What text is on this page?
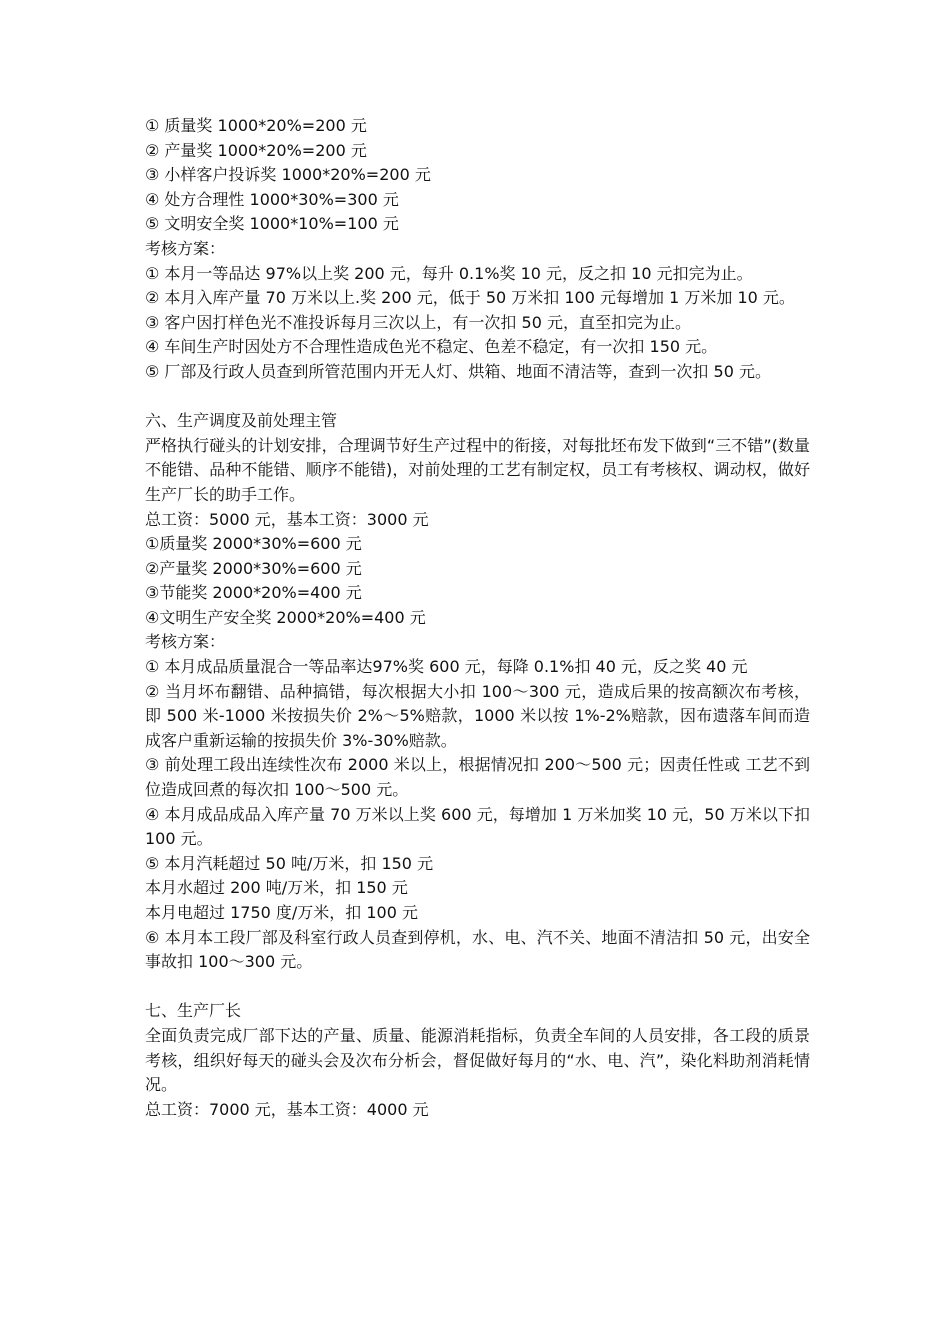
① 质量奖 1000*20%=200 元
② 产量奖 1000*20%=200 元
③ 小样客户投诉奖 1000*20%=200 元
④ 处方合理性 1000*30%=300 元
⑤ 文明安全奖 1000*10%=100 元
考核方案：
① 本月一等品达 97%以上奖 200 元，每升 0.1%奖 10 元，反之扣 10 元扣完为止。
② 本月入库产量 70 万米以上.奖 200 元，低于 50 万米扣 100 元每增加 1 万米加 10 元。
③ 客户因打样色光不准投诉每月三次以上，有一次扣 50 元，直至扣完为止。
④ 车间生产时因处方不合理性造成色光不稳定、色差不稳定，有一次扣 150 元。
⑤ 厂部及行政人员查到所管范围内开无人灯、烘箱、地面不清洁等，查到一次扣 50 元。
六、生产调度及前处理主管
严格执行碰头的计划安排，合理调节好生产过程中的衔接，对每批坯布发下做到“三不错”(数量不能错、品种不能错、顺序不能错)，对前处理的工艺有制定权，员工有考核权、调动权，做好生产厂长的助手工作。
总工资：5000 元，基本工资：3000 元
①质量奖 2000*30%=600 元
②产量奖 2000*30%=600 元
③节能奖 2000*20%=400 元
④文明生产安全奖 2000*20%=400 元
考核方案：
① 本月成品质量混合一等品率达97%奖 600 元，每降 0.1%扣 40 元，反之奖 40 元
② 当月坏布翻错、品种搞错，每次根据大小扣 100～300 元，造成后果的按高额次布考核，即 500 米-1000 米按损失价 2%～5%赔款，1000 米以按 1%-2%赔款，因布遗落车间而造成客户重新运输的按损失价 3%-30%赔款。
③ 前处理工段出连续性次布 2000 米以上，根据情况扣 200～500 元；因责任性或 工艺不到位造成回煮的每次扣 100～500 元。
④ 本月成品成品入库产量 70 万米以上奖 600 元，每增加 1 万米加奖 10 元，50 万米以下扣 100 元。
⑤ 本月汽耗超过 50 吨/万米，扣 150 元
本月水超过 200 吨/万米，扣 150 元
本月电超过 1750 度/万米，扣 100 元
⑥ 本月本工段厂部及科室行政人员查到停机，水、电、汽不关、地面不清洁扣 50 元，出安全事故扣 100～300 元。
七、生产厂长
全面负责完成厂部下达的产量、质量、能源消耗指标，负责全车间的人员安排，各工段的质景考核，组织好每天的碰头会及次布分析会，督促做好每月的“水、电、汽”，染化料助剂消耗情况。
总工资：7000 元，基本工资：4000 元
